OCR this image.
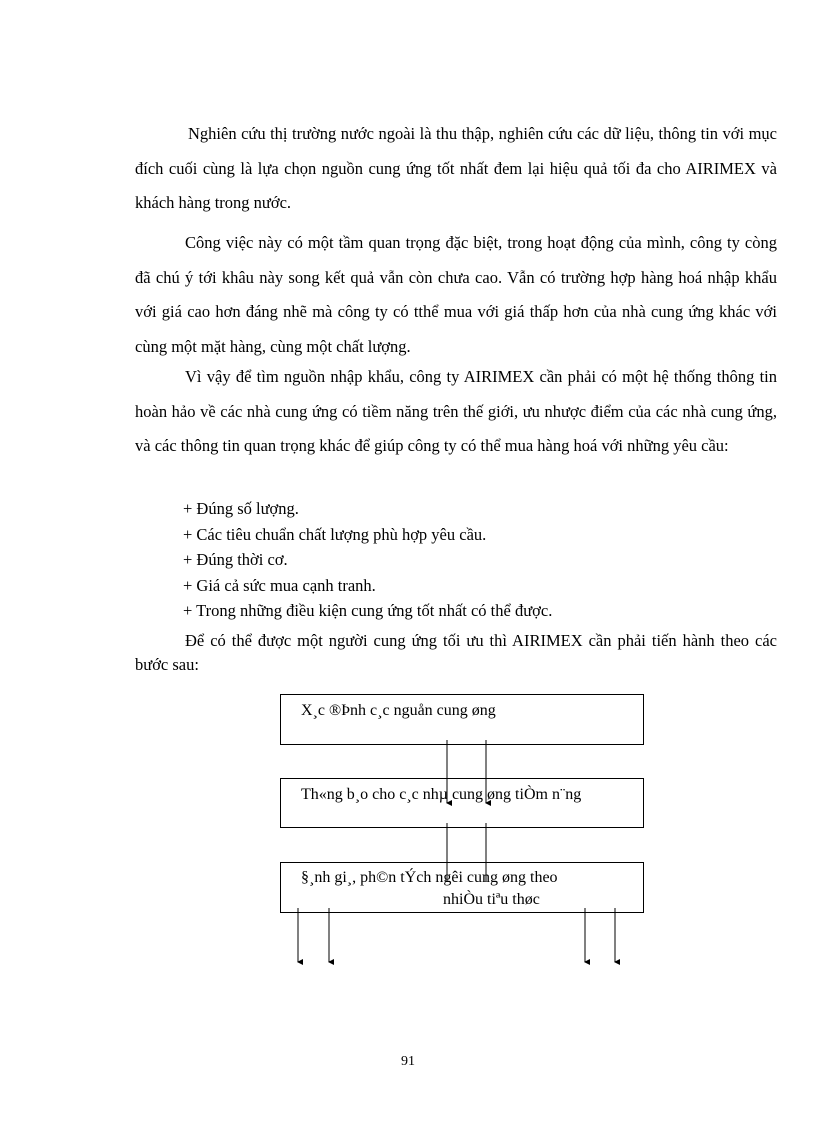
Nghiên cứu thị trường nước ngoài là thu thập, nghiên cứu các dữ liệu, thông tin với mục đích cuối cùng là lựa chọn nguồn cung ứng tốt nhất đem lại hiệu quả tối đa cho AIRIMEX và khách hàng trong nước.

Công việc này có một tầm quan trọng đặc biệt, trong hoạt động của mình, công ty còng đã chú ý tới khâu này song kết quả vẫn còn chưa cao. Vẫn có trường hợp hàng hoá nhập khẩu với giá cao hơn đáng nhẽ mà công ty có tthể mua với giá thấp hơn của nhà cung ứng khác với cùng một mặt hàng, cùng một chất lượng.

Vì vậy để tìm nguồn nhập khẩu, công ty AIRIMEX cần phải có một hệ thống thông tin hoàn hảo về các nhà cung ứng có tiềm năng trên thế giới, ưu nhược điểm của các nhà cung ứng, và các thông tin quan trọng khác để giúp công ty có thể mua hàng hoá với những yêu cầu:

+ Đúng số lượng.
+ Các tiêu chuẩn chất lượng phù hợp yêu cầu.
+ Đúng thời cơ.
+ Giá cả sức mua cạnh tranh.
+ Trong những điều kiện cung ứng tốt nhất có thể được.

Để có thể được một người cung ứng tối ưu thì AIRIMEX cần phải tiến hành theo các bước sau:

X¸c ®Þnh c¸c nguån cung øng
Th«ng b¸o cho c¸c nhµ cung øng tiÒm n¨ng
§¸nh gi¸, ph©n tÝch ngêi cung øng theo
nhiÒu tiªu thøc
91
